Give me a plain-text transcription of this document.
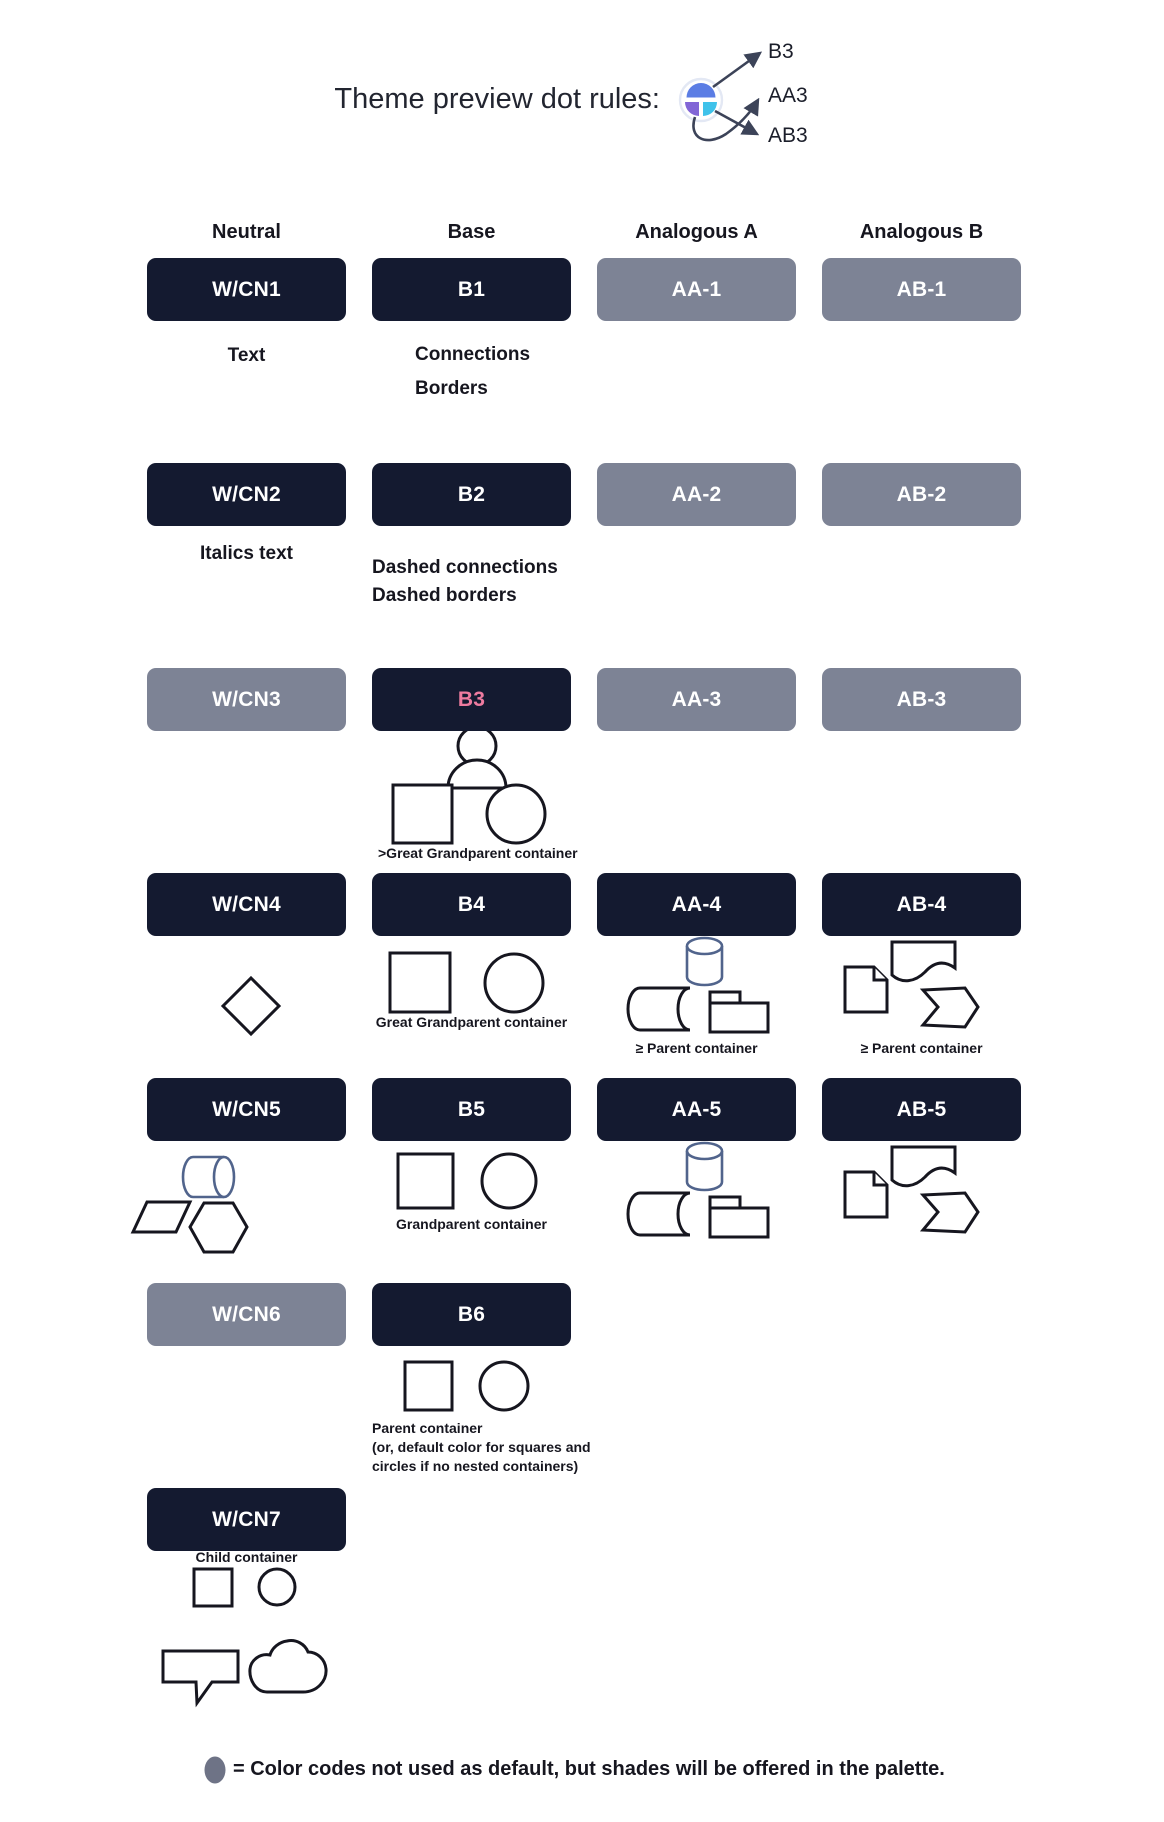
Theme preview dot rules:
B3
AA3
AB3
Neutral	Base	Analogous A	Analogous B
W/CN1	B1	AA-1	AB-1
W/CN2	B2	AA-2	AB-2
W/CN3	B3	AA-3	AB-3
W/CN4	B4	AA-4	AB-4
W/CN5	B5	AA-5	AB-5
W/CN6	B6
W/CN7
Text	Connections
Borders
Italics text
Dashed connections
Dashed borders
>Great Grandparent container
Great Grandparent container
≥ Parent container	≥ Parent container
Grandparent container
Parent container
(or, default color for squares and
circles if no nested containers)
Child container
= Color codes not used as default, but shades will be offered in the palette.
